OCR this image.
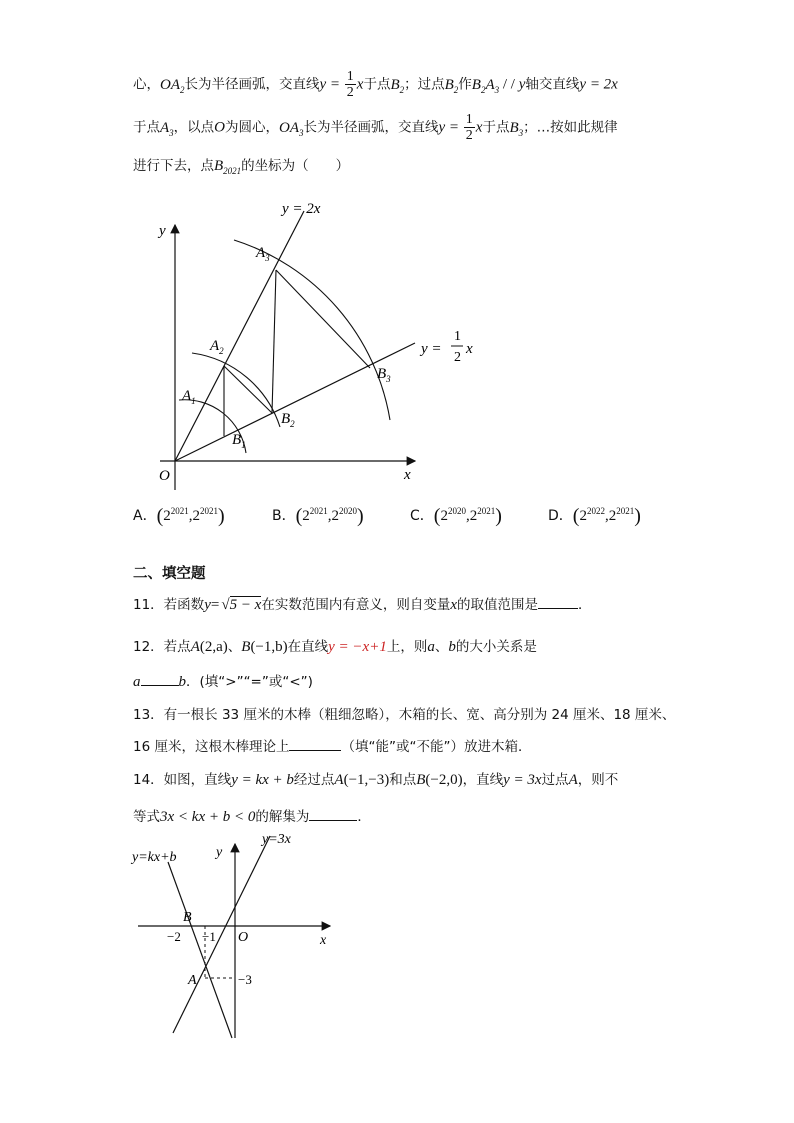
心，$OA_2$长为半径画弧，交直线$y = \frac{1}{2}$ x于点$B_2$；过点$B_2$作$B_2A_3$ / / y轴交直线y = 2x
于点$A_3$，以点O为圆心，$OA_3$长为半径画弧，交直线$y = \frac{1}{2}$ x于点$B_3$；…按如此规律
进行下去，点$B_{2021}$的坐标为（　　）
y = 2x
y =
1
2
x
y
x
O
$A_1$
$A_2$
$A_3$
$B_1$
$B_2$
$B_3$
A．$(2^{2021},2^{2021})$	B．$(2^{2021},2^{2020})$	C．$(2^{2020},2^{2021})$	D．$(2^{2022},2^{2021})$
二、填空题
11．若函数y= √5 − x在实数范围内有意义，则自变量x的取值范围是	．
12．若点A(2,a)、B(−1,b)在直线y = −x+1上，则a、b的大小关系是
a	b．(填“>”“=”或“<”)
13．有一根长 33 厘米的木棒（粗细忽略），木箱的长、宽、高分别为 24 厘米、18 厘米、
16 厘米，这根木棒理论上	（填“能”或“不能”）放进木箱．
14．如图，直线y = kx + b经过点A(−1,−3)和点B(−2,0)，直线y = 3x过点A，则不
等式3x < kx + b < 0的解集为	．
y=3x
y=kx+b	y
x
B
O
A
−2 −1
−3
